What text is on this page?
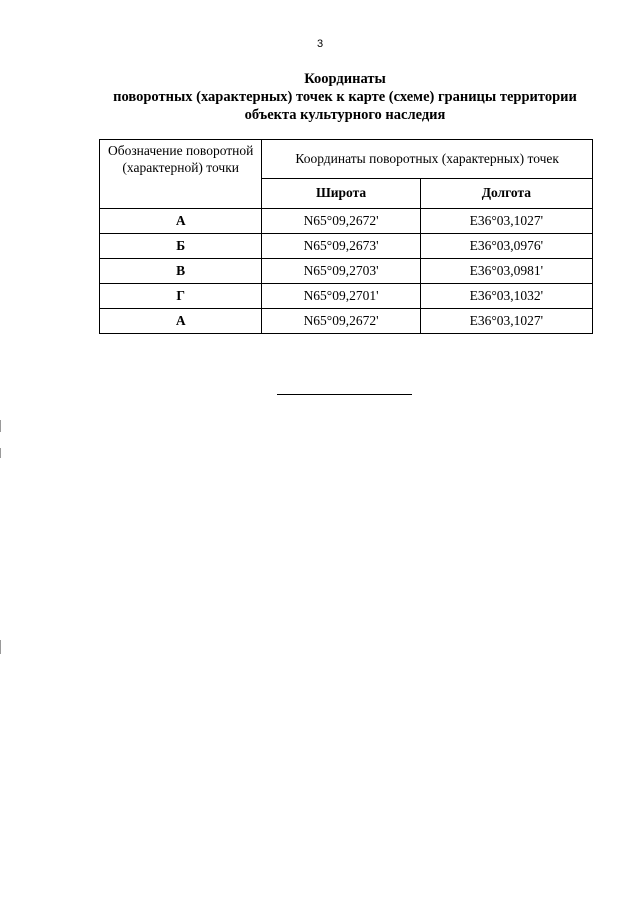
3
Координаты
поворотных (характерных) точек к карте (схеме) границы территории
объекта культурного наследия
Обозначение поворотной (характерной) точки	Координаты поворотных (характерных) точек	
	Широта	Долгота
А	N65°09,2672'	E36°03,1027'
Б	N65°09,2673'	E36°03,0976'
В	N65°09,2703'	E36°03,0981'
Г	N65°09,2701'	E36°03,1032'
А	N65°09,2672'	E36°03,1027'
